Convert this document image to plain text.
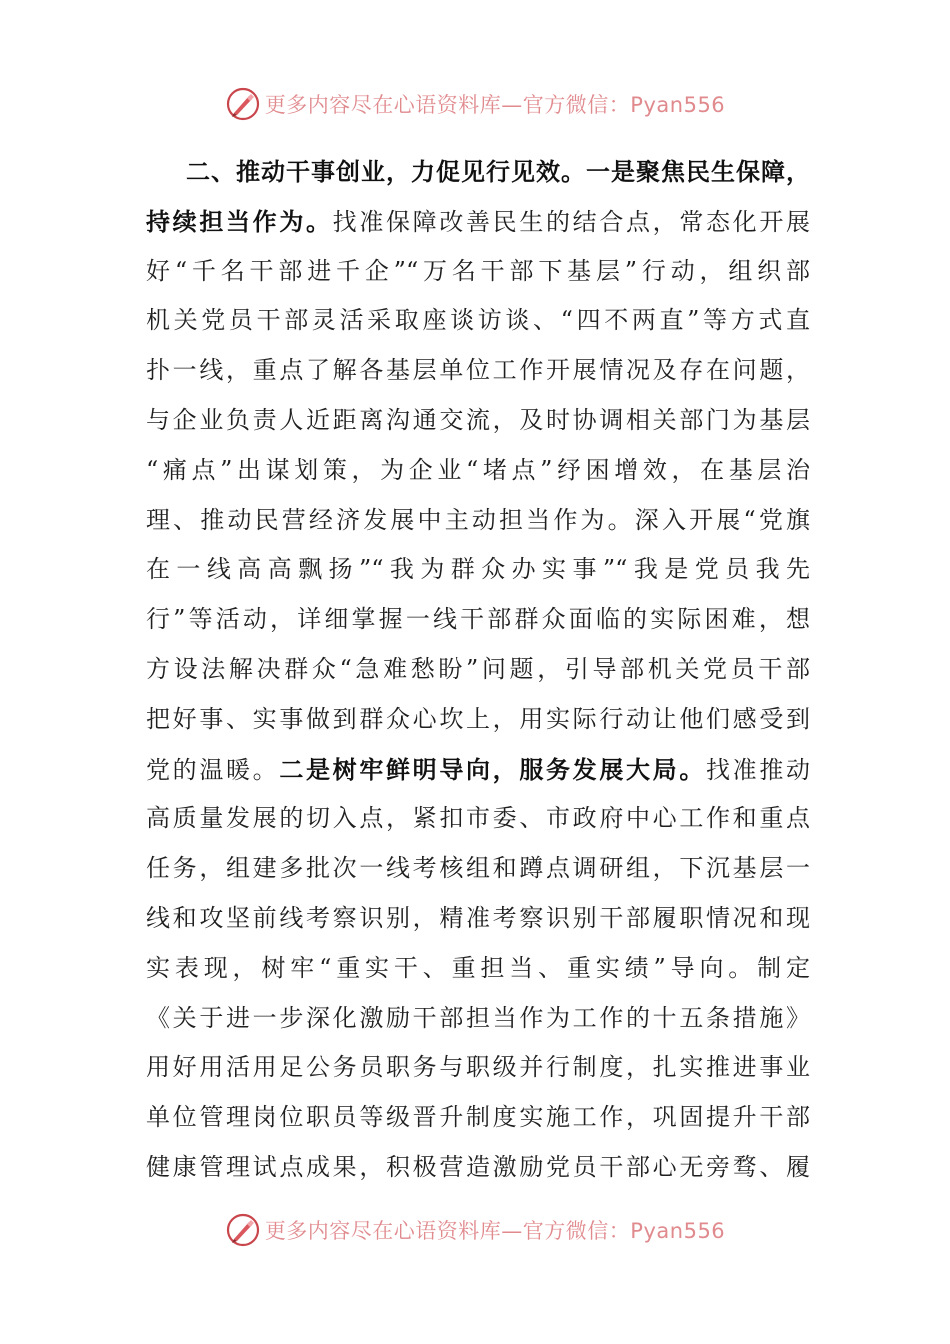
更多内容尽在心语资料库—官方微信：Pyan556
二、推动干事创业，力促见行见效。一是聚焦民生保障，
持续担当作为。找准保障改善民生的结合点，常态化开展
好“千名干部进千企”“万名干部下基层”行动，组织部
机关党员干部灵活采取座谈访谈、“四不两直”等方式直
扑一线，重点了解各基层单位工作开展情况及存在问题，
与企业负责人近距离沟通交流，及时协调相关部门为基层
“痛点”出谋划策，为企业“堵点”纾困增效，在基层治
理、推动民营经济发展中主动担当作为。深入开展“党旗
在一线高高飘扬”“我为群众办实事”“我是党员我先
行”等活动，详细掌握一线干部群众面临的实际困难，想
方设法解决群众“急难愁盼”问题，引导部机关党员干部
把好事、实事做到群众心坎上，用实际行动让他们感受到
党的温暖。二是树牢鲜明导向，服务发展大局。找准推动
高质量发展的切入点，紧扣市委、市政府中心工作和重点
任务，组建多批次一线考核组和蹲点调研组，下沉基层一
线和攻坚前线考察识别，精准考察识别干部履职情况和现
实表现，树牢“重实干、重担当、重实绩”导向。制定
《关于进一步深化激励干部担当作为工作的十五条措施》
用好用活用足公务员职务与职级并行制度，扎实推进事业
单位管理岗位职员等级晋升制度实施工作，巩固提升干部
健康管理试点成果，积极营造激励党员干部心无旁骛、履
更多内容尽在心语资料库—官方微信：Pyan556
